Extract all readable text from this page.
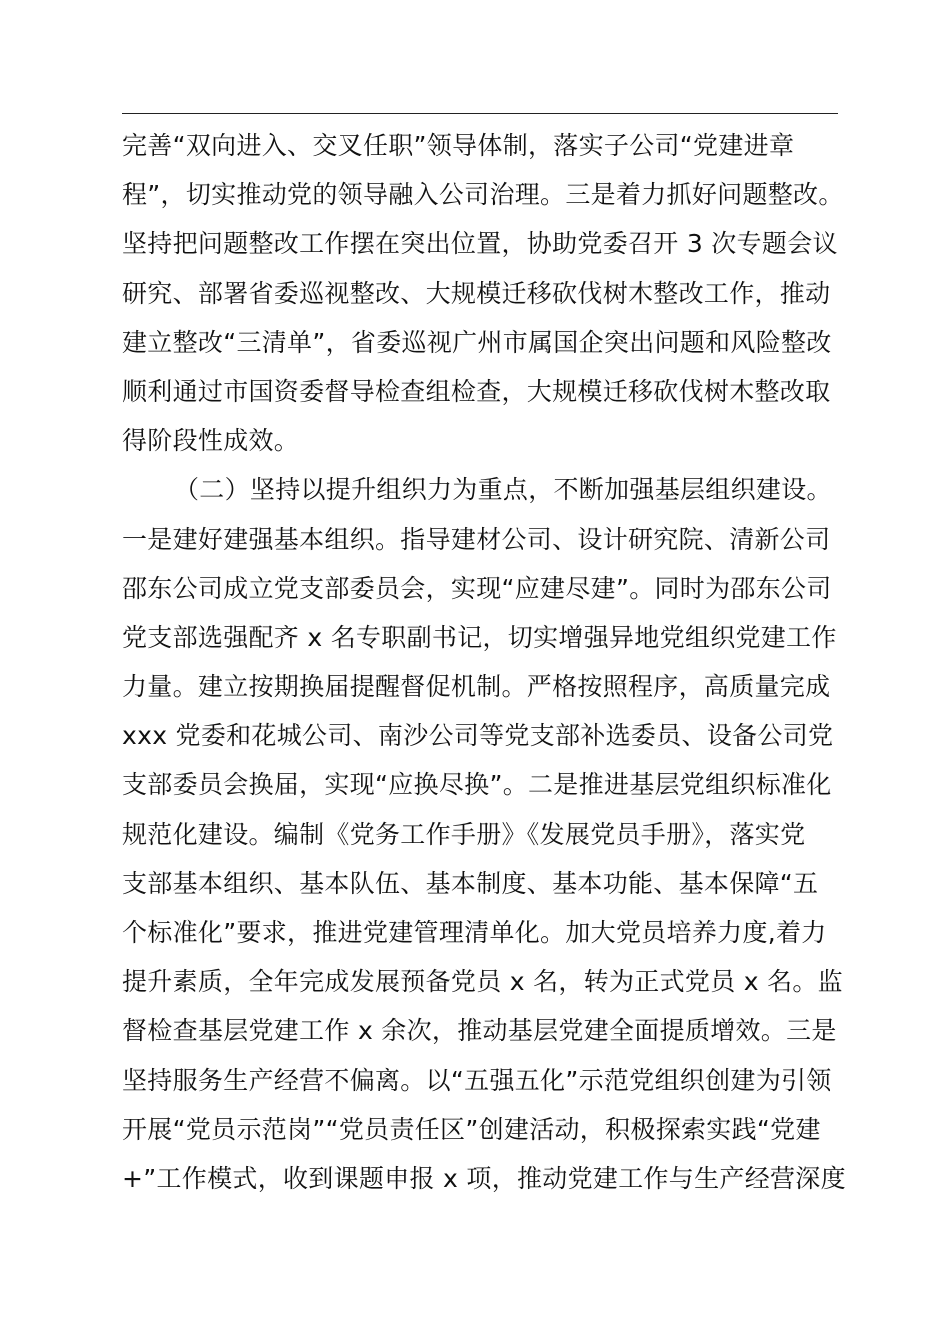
完善“双向进入、交叉任职”领导体制，落实子公司“党建进章
程”，切实推动党的领导融入公司治理。三是着力抓好问题整改。
坚持把问题整改工作摆在突出位置，协助党委召开 3 次专题会议
研究、部署省委巡视整改、大规模迁移砍伐树木整改工作，推动
建立整改“三清单”，省委巡视广州市属国企突出问题和风险整改
顺利通过市国资委督导检查组检查，大规模迁移砍伐树木整改取
得阶段性成效。
（二）坚持以提升组织力为重点，不断加强基层组织建设。
一是建好建强基本组织。指导建材公司、设计研究院、清新公司
邵东公司成立党支部委员会，实现“应建尽建”。同时为邵东公司
党支部选强配齐 x 名专职副书记，切实增强异地党组织党建工作
力量。建立按期换届提醒督促机制。严格按照程序，高质量完成
xxx 党委和花城公司、南沙公司等党支部补选委员、设备公司党
支部委员会换届，实现“应换尽换”。二是推进基层党组织标准化
规范化建设。编制《党务工作手册》《发展党员手册》，落实党
支部基本组织、基本队伍、基本制度、基本功能、基本保障“五
个标准化”要求，推进党建管理清单化。加大党员培养力度,着力
提升素质，全年完成发展预备党员 x 名，转为正式党员 x 名。监
督检查基层党建工作 x 余次，推动基层党建全面提质增效。三是
坚持服务生产经营不偏离。以“五强五化”示范党组织创建为引领
开展“党员示范岗”“党员责任区”创建活动，积极探索实践“党建
+”工作模式，收到课题申报 x 项，推动党建工作与生产经营深度
